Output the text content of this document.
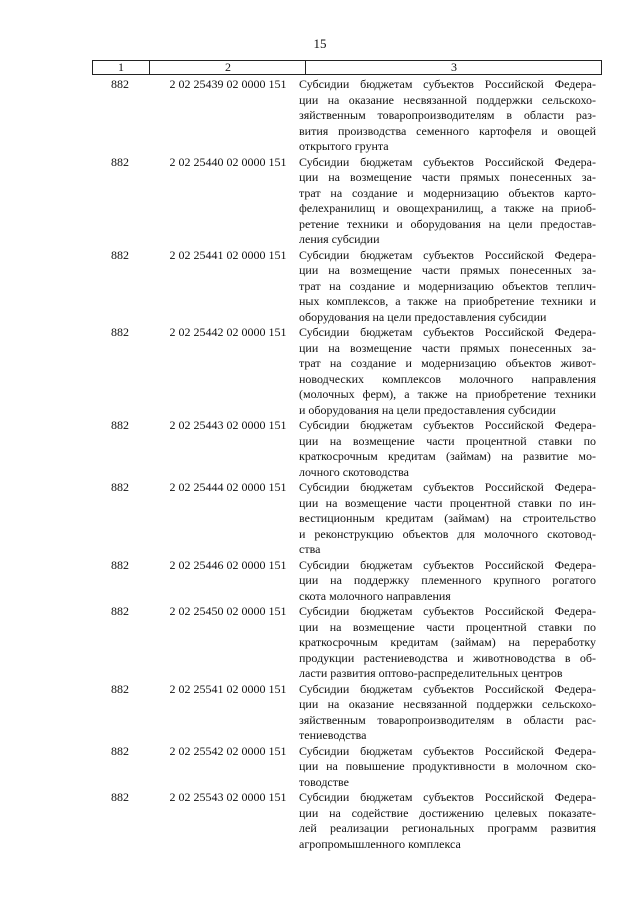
15
1	2	3
882	2 02 25439 02 0000 151	Субсидии бюджетам субъектов Российской Федера-
ции на оказание несвязанной поддержки сельскохо-
зяйственным товаропроизводителям в области раз-
вития производства семенного картофеля и овощей
открытого грунта
882	2 02 25440 02 0000 151	Субсидии бюджетам субъектов Российской Федера-
ции на возмещение части прямых понесенных за-
трат на создание и модернизацию объектов карто-
фелехранилищ и овощехранилищ, а также на приоб-
ретение техники и оборудования на цели предостав-
ления субсидии
882	2 02 25441 02 0000 151	Субсидии бюджетам субъектов Российской Федера-
ции на возмещение части прямых понесенных за-
трат на создание и модернизацию объектов теплич-
ных комплексов, а также на приобретение техники и
оборудования на цели предоставления субсидии
882	2 02 25442 02 0000 151	Субсидии бюджетам субъектов Российской Федера-
ции на возмещение части прямых понесенных за-
трат на создание и модернизацию объектов живот-
новодческих комплексов молочного направления
(молочных ферм), а также на приобретение техники
и оборудования на цели предоставления субсидии
882	2 02 25443 02 0000 151	Субсидии бюджетам субъектов Российской Федера-
ции на возмещение части процентной ставки по
краткосрочным кредитам (займам) на развитие мо-
лочного скотоводства
882	2 02 25444 02 0000 151	Субсидии бюджетам субъектов Российской Федера-
ции на возмещение части процентной ставки по ин-
вестиционным кредитам (займам) на строительство
и реконструкцию объектов для молочного скотовод-
ства
882	2 02 25446 02 0000 151	Субсидии бюджетам субъектов Российской Федера-
ции на поддержку племенного крупного рогатого
скота молочного направления
882	2 02 25450 02 0000 151	Субсидии бюджетам субъектов Российской Федера-
ции на возмещение части процентной ставки по
краткосрочным кредитам (займам) на переработку
продукции растениеводства и животноводства в об-
ласти развития оптово-распределительных центров
882	2 02 25541 02 0000 151	Субсидии бюджетам субъектов Российской Федера-
ции на оказание несвязанной поддержки сельскохо-
зяйственным товаропроизводителям в области рас-
тениеводства
882	2 02 25542 02 0000 151	Субсидии бюджетам субъектов Российской Федера-
ции на повышение продуктивности в молочном ско-
товодстве
882	2 02 25543 02 0000 151	Субсидии бюджетам субъектов Российской Федера-
ции на содействие достижению целевых показате-
лей реализации региональных программ развития
агропромышленного комплекса
